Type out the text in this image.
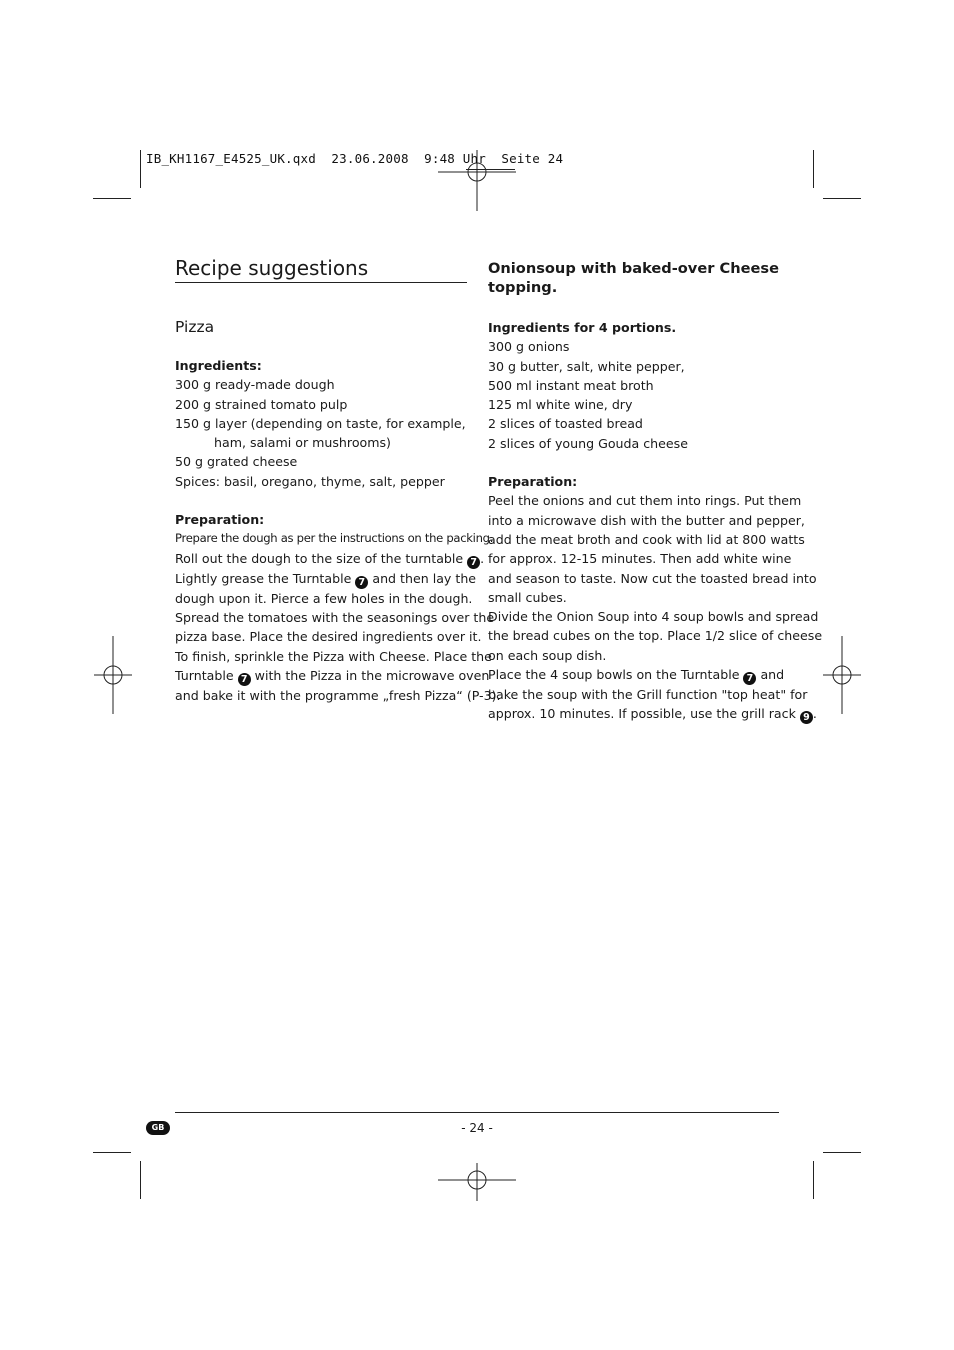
IB_KH1167_E4525_UK.qxd  23.06.2008  9:48 Uhr  Seite 24
Recipe suggestions
Pizza
Ingredients:
300 g ready-made dough
200 g strained tomato pulp
150 g layer (depending on taste, for example,
ham, salami or mushrooms)
50 g grated cheese
Spices: basil, oregano, thyme, salt, pepper
Preparation:
Prepare the dough as per the instructions on the packing.
Roll out the dough to the size of the turntable 7 .
Lightly grease the Turntable 7 and then lay the
dough upon it. Pierce a few holes in the dough.
Spread the tomatoes with the seasonings over the
pizza base. Place the desired ingredients over it.
To finish, sprinkle the Pizza with Cheese. Place the
Turntable 7 with the Pizza in the microwave oven
and bake it with the programme „fresh Pizza“ (P-3).
Onionsoup with baked-over Cheese
topping.
Ingredients for 4 portions.
300 g onions
30 g butter, salt, white pepper,
500 ml instant meat broth
125 ml white wine, dry
2 slices of toasted bread
2 slices of young Gouda cheese
Preparation:
Peel the onions and cut them into rings. Put them
into a microwave dish with the butter and pepper,
add the meat broth and cook with lid at 800 watts
for approx. 12-15 minutes. Then add white wine
and season to taste. Now cut the toasted bread into
small cubes.
Divide the Onion Soup into 4 soup bowls and spread
the bread cubes on the top. Place 1/2 slice of cheese
on each soup dish.
Place the 4 soup bowls on the Turntable 7 and
bake the soup with the Grill function "top heat" for
approx. 10 minutes. If possible, use the grill rack 9 .
GB	- 24 -
